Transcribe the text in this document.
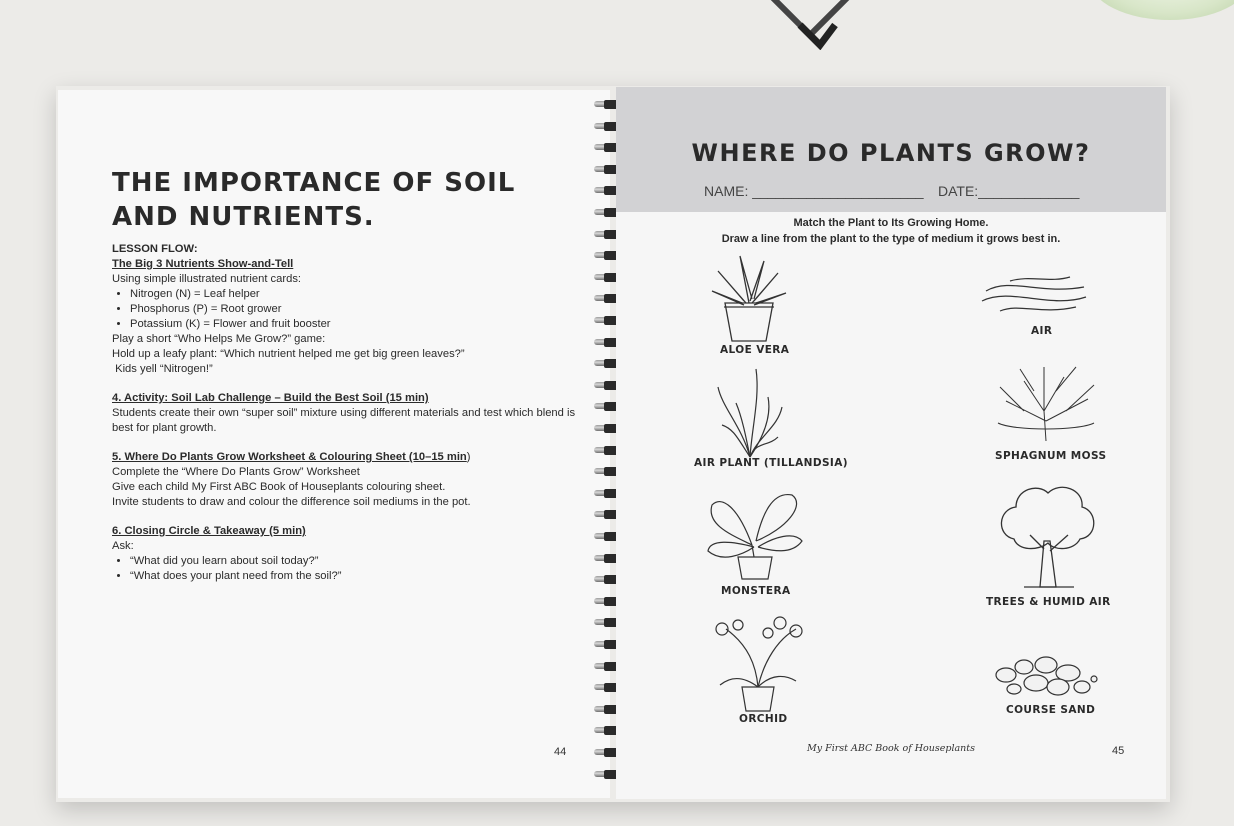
THE IMPORTANCE OF SOIL AND NUTRIENTS.
LESSON FLOW:
The Big 3 Nutrients Show-and-Tell
Using simple illustrated nutrient cards:
• Nitrogen (N) = Leaf helper
• Phosphorus (P) = Root grower
• Potassium (K) = Flower and fruit booster
Play a short “Who Helps Me Grow?” game:
Hold up a leafy plant: “Which nutrient helped me get big green leaves?”
Kids yell “Nitrogen!”
4. Activity: Soil Lab Challenge – Build the Best Soil (15 min)
Students create their own “super soil” mixture using different materials and test which blend is best for plant growth.
5. Where Do Plants Grow Worksheet & Colouring Sheet (10–15 min)
Complete the “Where Do Plants Grow” Worksheet
Give each child My First ABC Book of Houseplants colouring sheet.
Invite students to draw and colour the difference soil mediums in the pot.
6. Closing Circle & Takeaway (5 min)
Ask:
• “What did you learn about soil today?”
• “What does your plant need from the soil?”
44
WHERE DO PLANTS GROW?
NAME: ______________________ DATE:_____________
Match the Plant to Its Growing Home.
Draw a line from the plant to the type of medium it grows best in.
ALOE VERA
AIR PLANT (TILLANDSIA)
MONSTERA
ORCHID
AIR
SPHAGNUM MOSS
TREES & HUMID AIR
COURSE SAND
My First ABC Book of Houseplants	45
